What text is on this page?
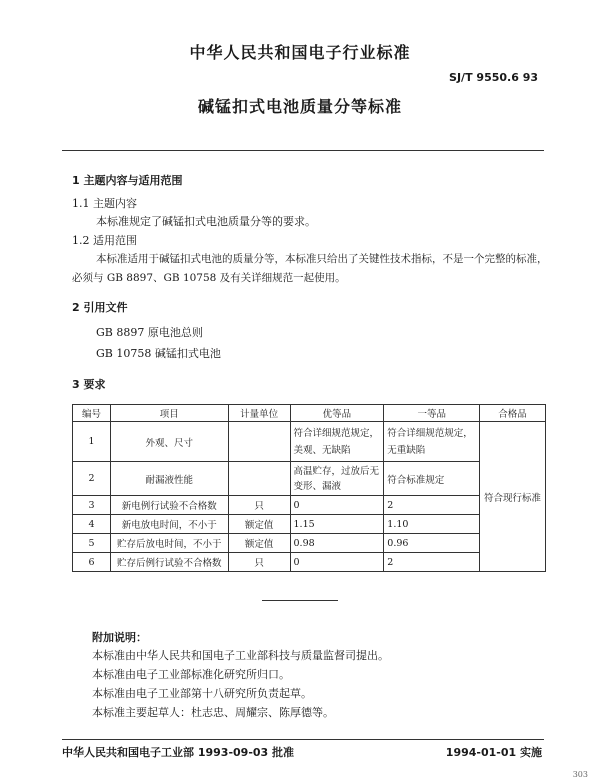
中华人民共和国电子行业标准
SJ/T 9550.6 93
碱锰扣式电池质量分等标准
1 主题内容与适用范围
1.1 主题内容
本标准规定了碱锰扣式电池质量分等的要求。
1.2 适用范围
本标准适用于碱锰扣式电池的质量分等，本标准只给出了关键性技术指标，不是一个完整的标准，
必须与 GB 8897、GB 10758 及有关详细规范一起使用。
2 引用文件
GB 8897 原电池总则
GB 10758 碱锰扣式电池
3 要求
编号	项目	计量单位	优等品	一等品	合格品
1	外观、尺寸		符合详细规范规定，美观、无缺陷	符合详细规范规定，无重缺陷	符合现行标准
2	耐漏液性能		高温贮存，过放后无变形、漏液	符合标准规定	
3	新电例行试验不合格数	只	0	2	
4	新电放电时间，不小于	额定值	1.15	1.10	
5	贮存后放电时间，不小于	额定值	0.98	0.96	
6	贮存后例行试验不合格数	只	0	2	
附加说明：
本标准由中华人民共和国电子工业部科技与质量监督司提出。
本标准由电子工业部标准化研究所归口。
本标准由电子工业部第十八研究所负责起草。
本标准主要起草人：杜志忠、周耀宗、陈厚德等。
中华人民共和国电子工业部 1993-09-03 批准	1994-01-01 实施
303
